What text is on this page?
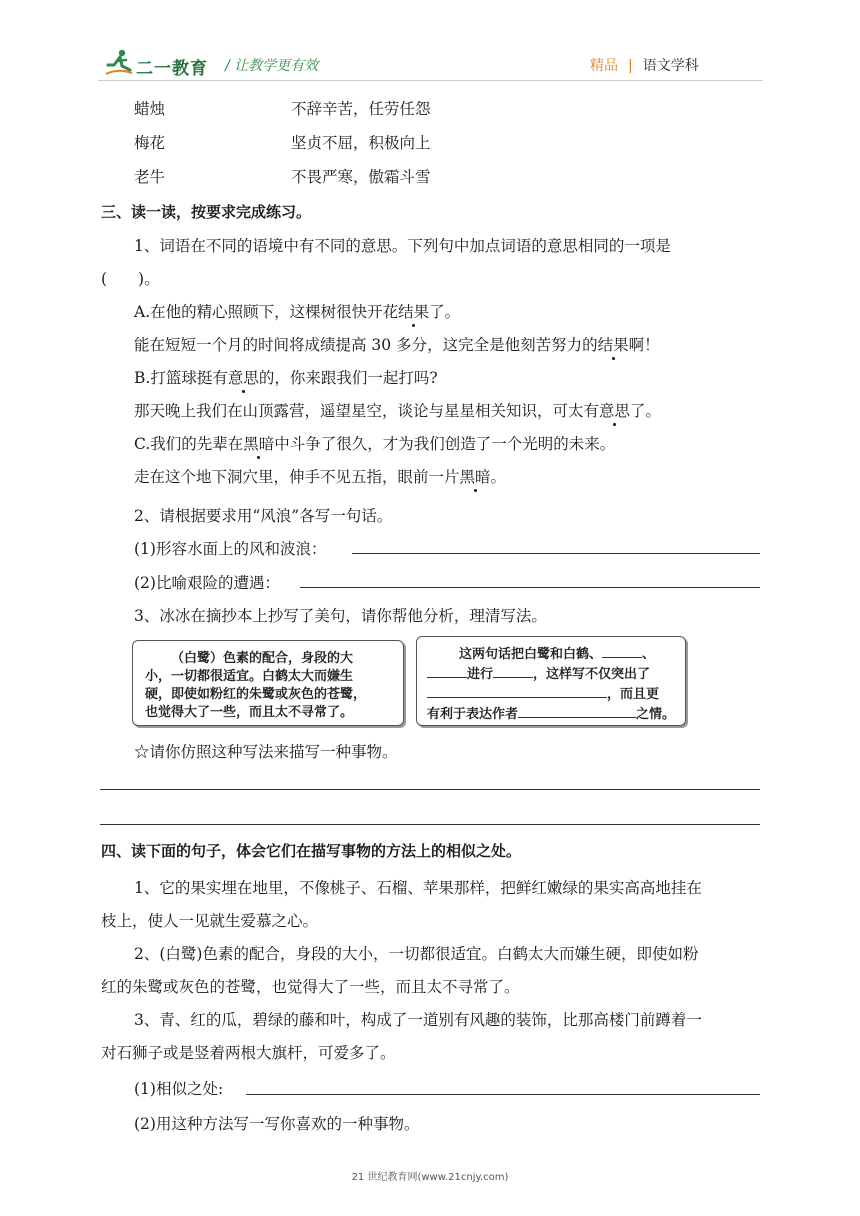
二一教育 / 让教学更有效	精品 | 语文学科
蜡烛	不辞辛苦，任劳任怨
梅花	坚贞不屈，积极向上
老牛	不畏严寒，傲霜斗雪
三、读一读，按要求完成练习。
1、词语在不同的语境中有不同的意思。下列句中加点词语的意思相同的一项是
(　　)。
A.在他的精心照顾下，这棵树很快开花结果了。
能在短短一个月的时间将成绩提高 30 多分，这完全是他刻苦努力的结果啊！
B.打篮球挺有意思的，你来跟我们一起打吗?
那天晚上我们在山顶露营，遥望星空，谈论与星星相关知识，可太有意思了。
C.我们的先辈在黑暗中斗争了很久，才为我们创造了一个光明的未来。
走在这个地下洞穴里，伸手不见五指，眼前一片黑暗。
2、请根据要求用“风浪”各写一句话。
(1)形容水面上的风和波浪：
(2)比喻艰险的遭遇：
3、冰冰在摘抄本上抄写了美句，请你帮他分析，理清写法。
（白鹭）色素的配合，身段的大
小，一切都很适宜。白鹤太大而嫌生
硬，即使如粉红的朱鹭或灰色的苍鹭，
也觉得大了一些，而且太不寻常了。
这两句话把白鹭和白鹤、	、
进行	，这样写不仅突出了
，而且更
有利于表达作者	之情。
☆请你仿照这种写法来描写一种事物。
四、读下面的句子，体会它们在描写事物的方法上的相似之处。
1、它的果实埋在地里，不像桃子、石榴、苹果那样，把鲜红嫩绿的果实高高地挂在
枝上，使人一见就生爱慕之心。
2、(白鹭)色素的配合，身段的大小，一切都很适宜。白鹤太大而嫌生硬，即使如粉
红的朱鹭或灰色的苍鹭，也觉得大了一些，而且太不寻常了。
3、青、红的瓜，碧绿的藤和叶，构成了一道别有风趣的装饰，比那高楼门前蹲着一
对石狮子或是竖着两根大旗杆，可爱多了。
(1)相似之处:
(2)用这种方法写一写你喜欢的一种事物。
21 世纪教育网(www.21cnjy.com)
